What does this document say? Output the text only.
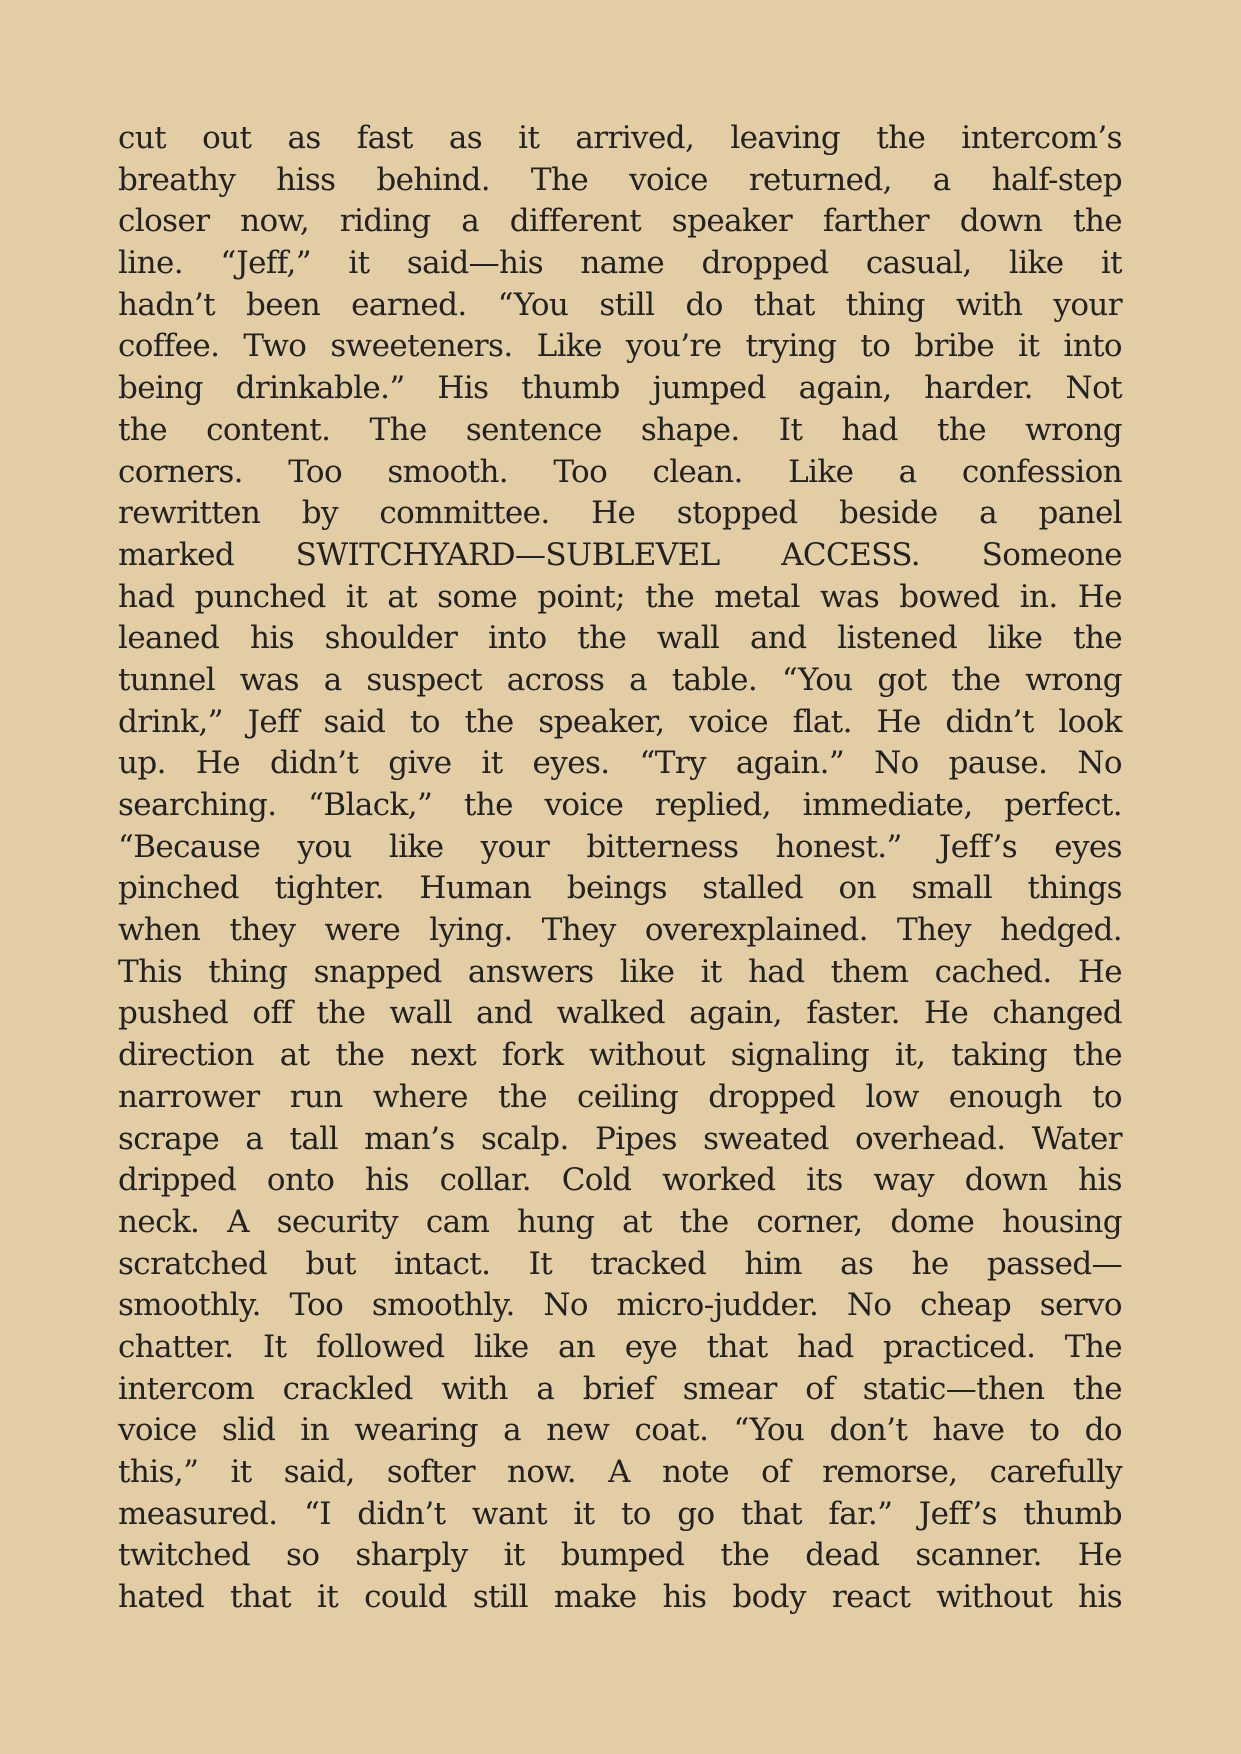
cut out as fast as it arrived, leaving the intercom’s
breathy hiss behind. The voice returned, a half-step
closer now, riding a different speaker farther down the
line. “Jeff,” it said—his name dropped casual, like it
hadn’t been earned. “You still do that thing with your
coffee. Two sweeteners. Like you’re trying to bribe it into
being drinkable.” His thumb jumped again, harder. Not
the content. The sentence shape. It had the wrong
corners. Too smooth. Too clean. Like a confession
rewritten by committee. He stopped beside a panel
marked SWITCHYARD—SUBLEVEL ACCESS. Someone
had punched it at some point; the metal was bowed in. He
leaned his shoulder into the wall and listened like the
tunnel was a suspect across a table. “You got the wrong
drink,” Jeff said to the speaker, voice flat. He didn’t look
up. He didn’t give it eyes. “Try again.” No pause. No
searching. “Black,” the voice replied, immediate, perfect.
“Because you like your bitterness honest.” Jeff’s eyes
pinched tighter. Human beings stalled on small things
when they were lying. They overexplained. They hedged.
This thing snapped answers like it had them cached. He
pushed off the wall and walked again, faster. He changed
direction at the next fork without signaling it, taking the
narrower run where the ceiling dropped low enough to
scrape a tall man’s scalp. Pipes sweated overhead. Water
dripped onto his collar. Cold worked its way down his
neck. A security cam hung at the corner, dome housing
scratched but intact. It tracked him as he passed—
smoothly. Too smoothly. No micro-judder. No cheap servo
chatter. It followed like an eye that had practiced. The
intercom crackled with a brief smear of static—then the
voice slid in wearing a new coat. “You don’t have to do
this,” it said, softer now. A note of remorse, carefully
measured. “I didn’t want it to go that far.” Jeff’s thumb
twitched so sharply it bumped the dead scanner. He
hated that it could still make his body react without his
